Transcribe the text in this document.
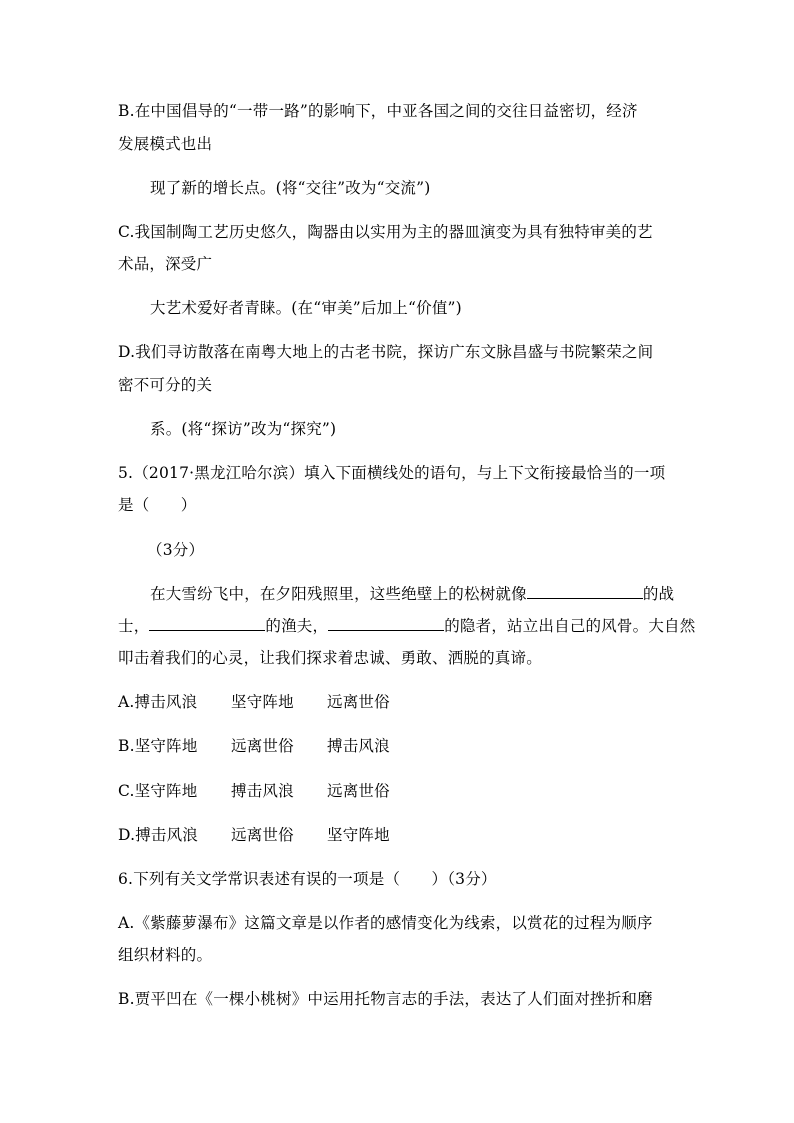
B.在中国倡导的“一带一路”的影响下，中亚各国之间的交往日益密切，经济
发展模式也出
现了新的增长点。(将“交往”改为“交流”)
C.我国制陶工艺历史悠久，陶器由以实用为主的器皿演变为具有独特审美的艺
术品，深受广
大艺术爱好者青睐。(在“审美”后加上“价值”)
D.我们寻访散落在南粤大地上的古老书院，探访广东文脉昌盛与书院繁荣之间
密不可分的关
系。(将“探访”改为“探究”)
5.（2017·黑龙江哈尔滨）填入下面横线处的语句，与上下文衔接最恰当的一项
是（　　）
（3分）
在大雪纷飞中，在夕阳残照里，这些绝壁上的松树就像	的战
士，	的渔夫，	的隐者，站立出自己的风骨。大自然
叩击着我们的心灵，让我们探求着忠诚、勇敢、洒脱的真谛。
A.搏击风浪 坚守阵地 远离世俗
B.坚守阵地 远离世俗 搏击风浪
C.坚守阵地 搏击风浪 远离世俗
D.搏击风浪 远离世俗 坚守阵地
6.下列有关文学常识表述有误的一项是（　　）（3分）
A.《紫藤萝瀑布》这篇文章是以作者的感情变化为线索，以赏花的过程为顺序
组织材料的。
B.贾平凹在《一棵小桃树》中运用托物言志的手法，表达了人们面对挫折和磨
